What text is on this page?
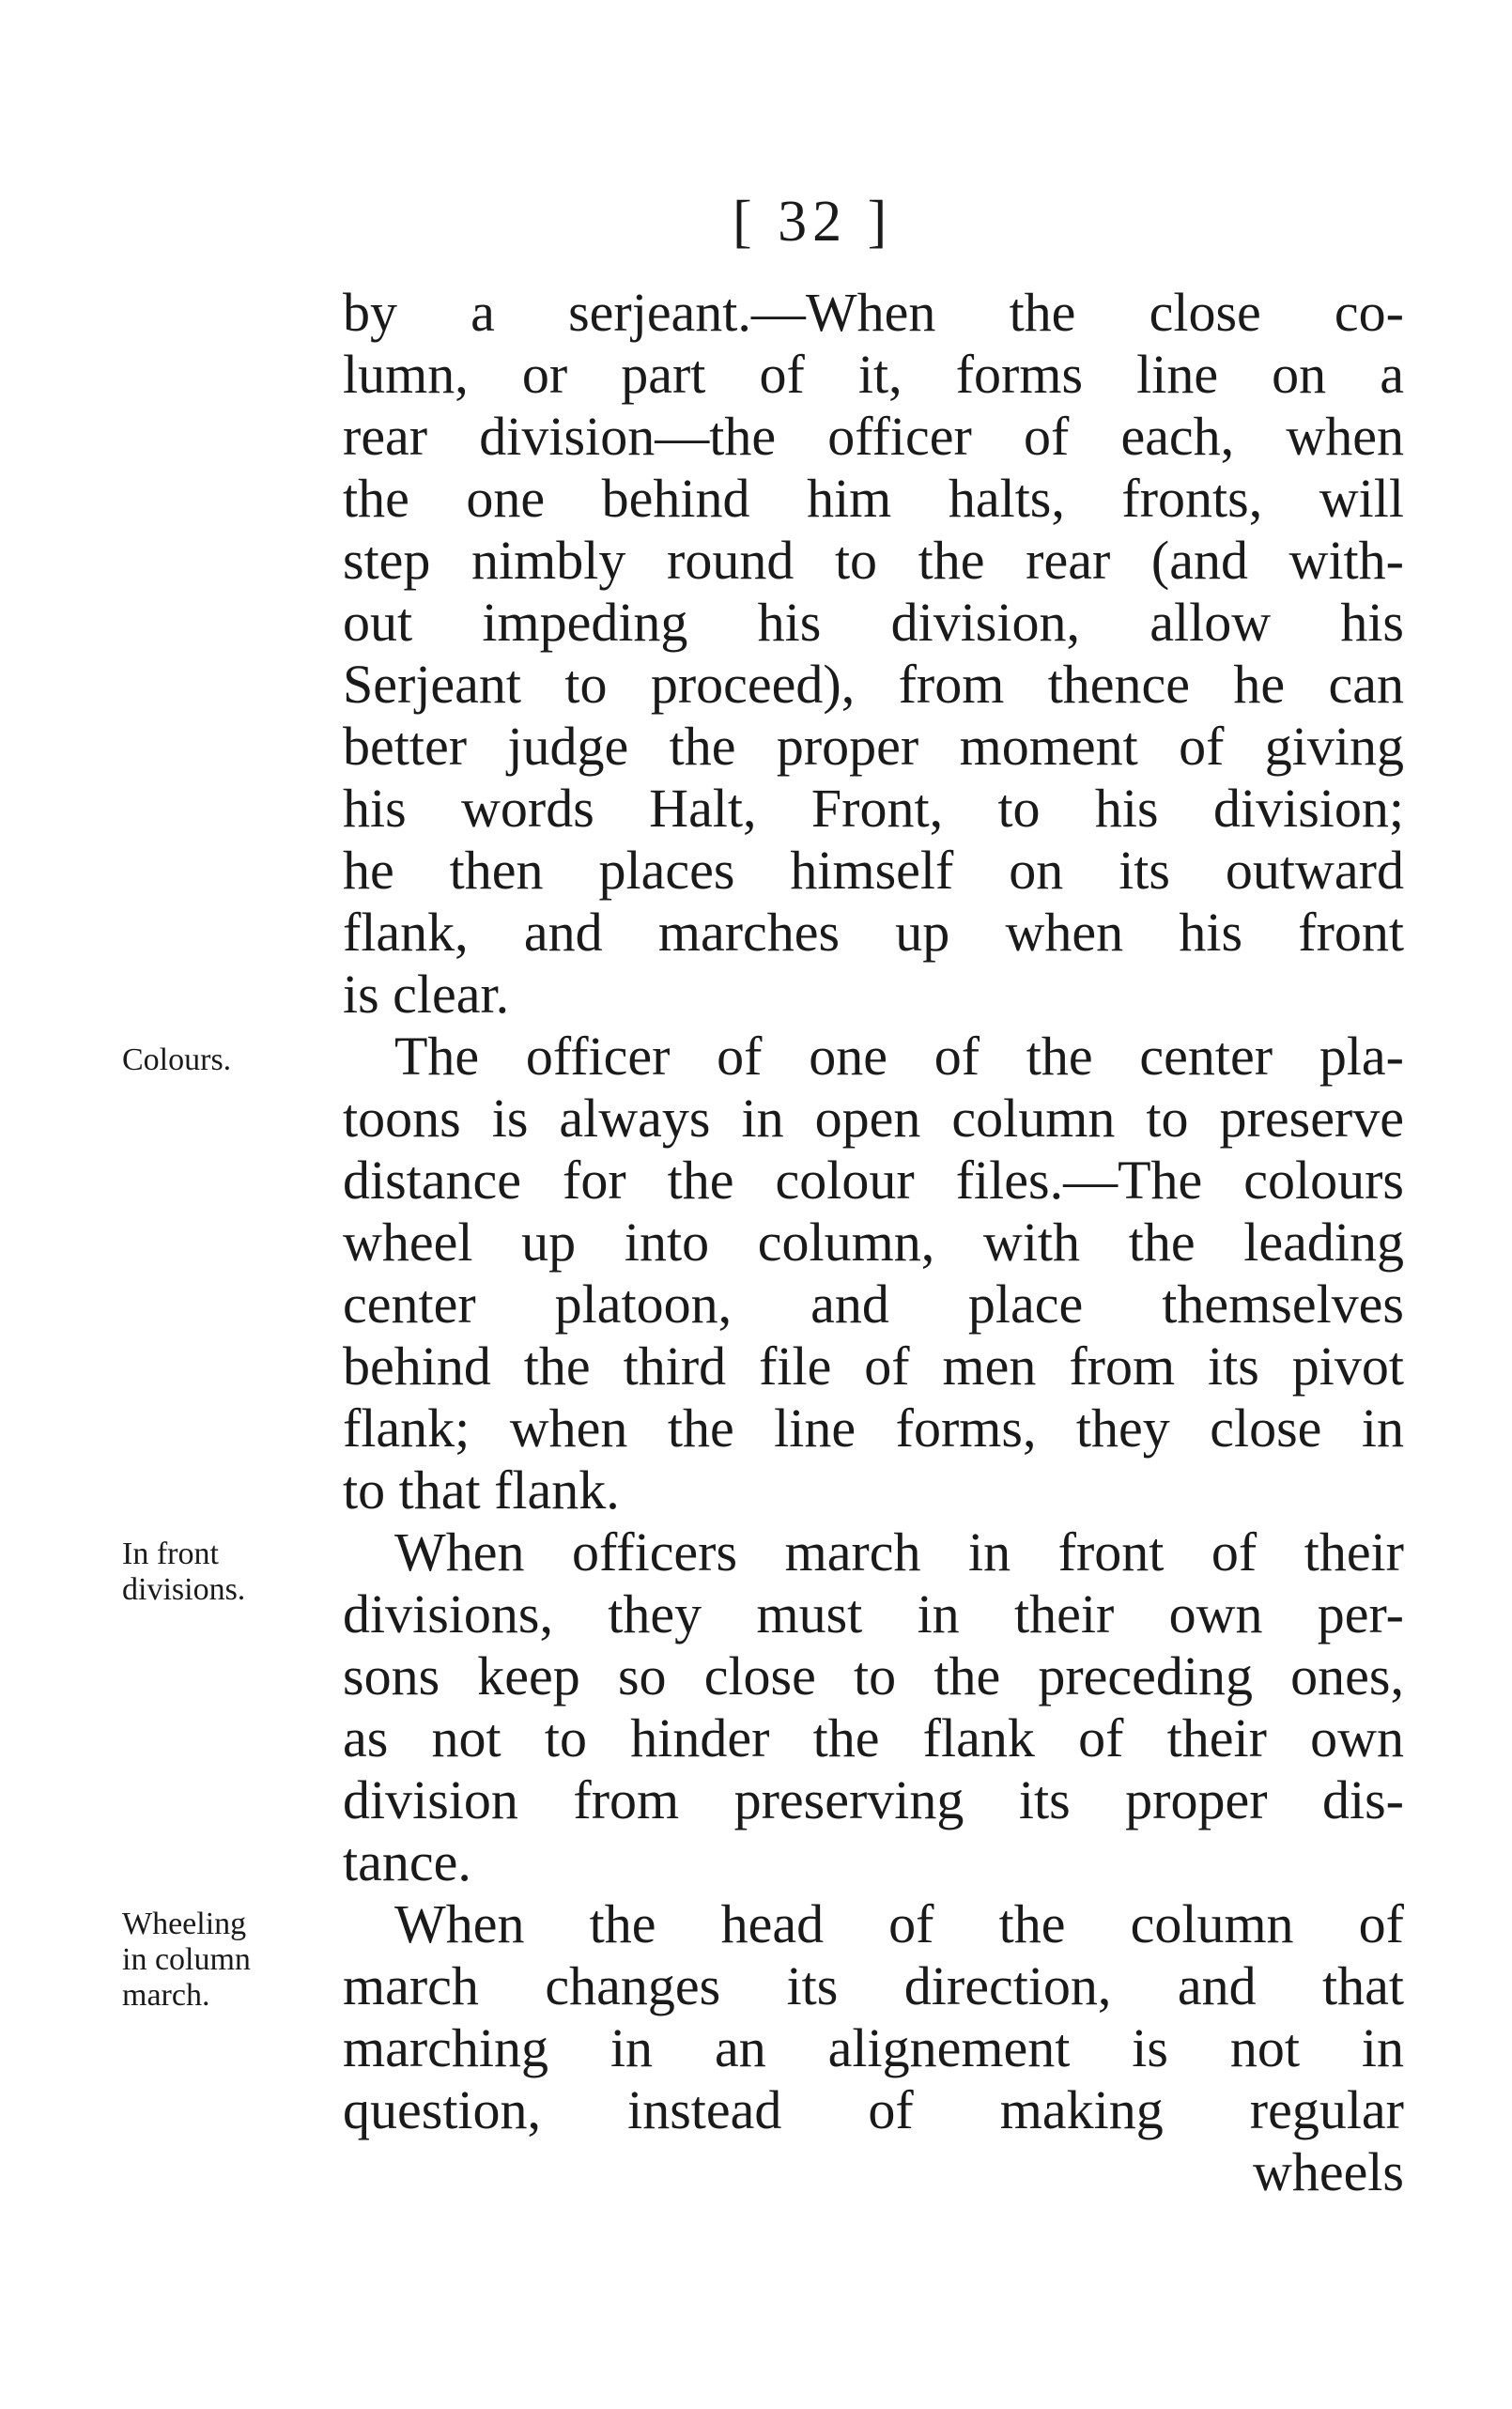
[ 32 ]
by a serjeant.—When the close co-
lumn, or part of it, forms line on a
rear division—the officer of each, when
the one behind him halts, fronts, will
step nimbly round to the rear (and with-
out impeding his division, allow his
Serjeant to proceed), from thence he can
better judge the proper moment of giving
his words Halt, Front, to his division;
he then places himself on its outward
flank, and marches up when his front
is clear.
The officer of one of the center pla-
toons is always in open column to preserve
distance for the colour files.—The colours
wheel up into column, with the leading
center platoon, and place themselves
behind the third file of men from its pivot
flank; when the line forms, they close in
to that flank.
When officers march in front of their
divisions, they must in their own per-
sons keep so close to the preceding ones,
as not to hinder the flank of their own
division from preserving its proper dis-
tance.
When the head of the column of
march changes its direction, and that
marching in an alignement is not in
question, instead of making regular
wheels
Colours.
In front
divisions.
Wheeling
in column
march.
